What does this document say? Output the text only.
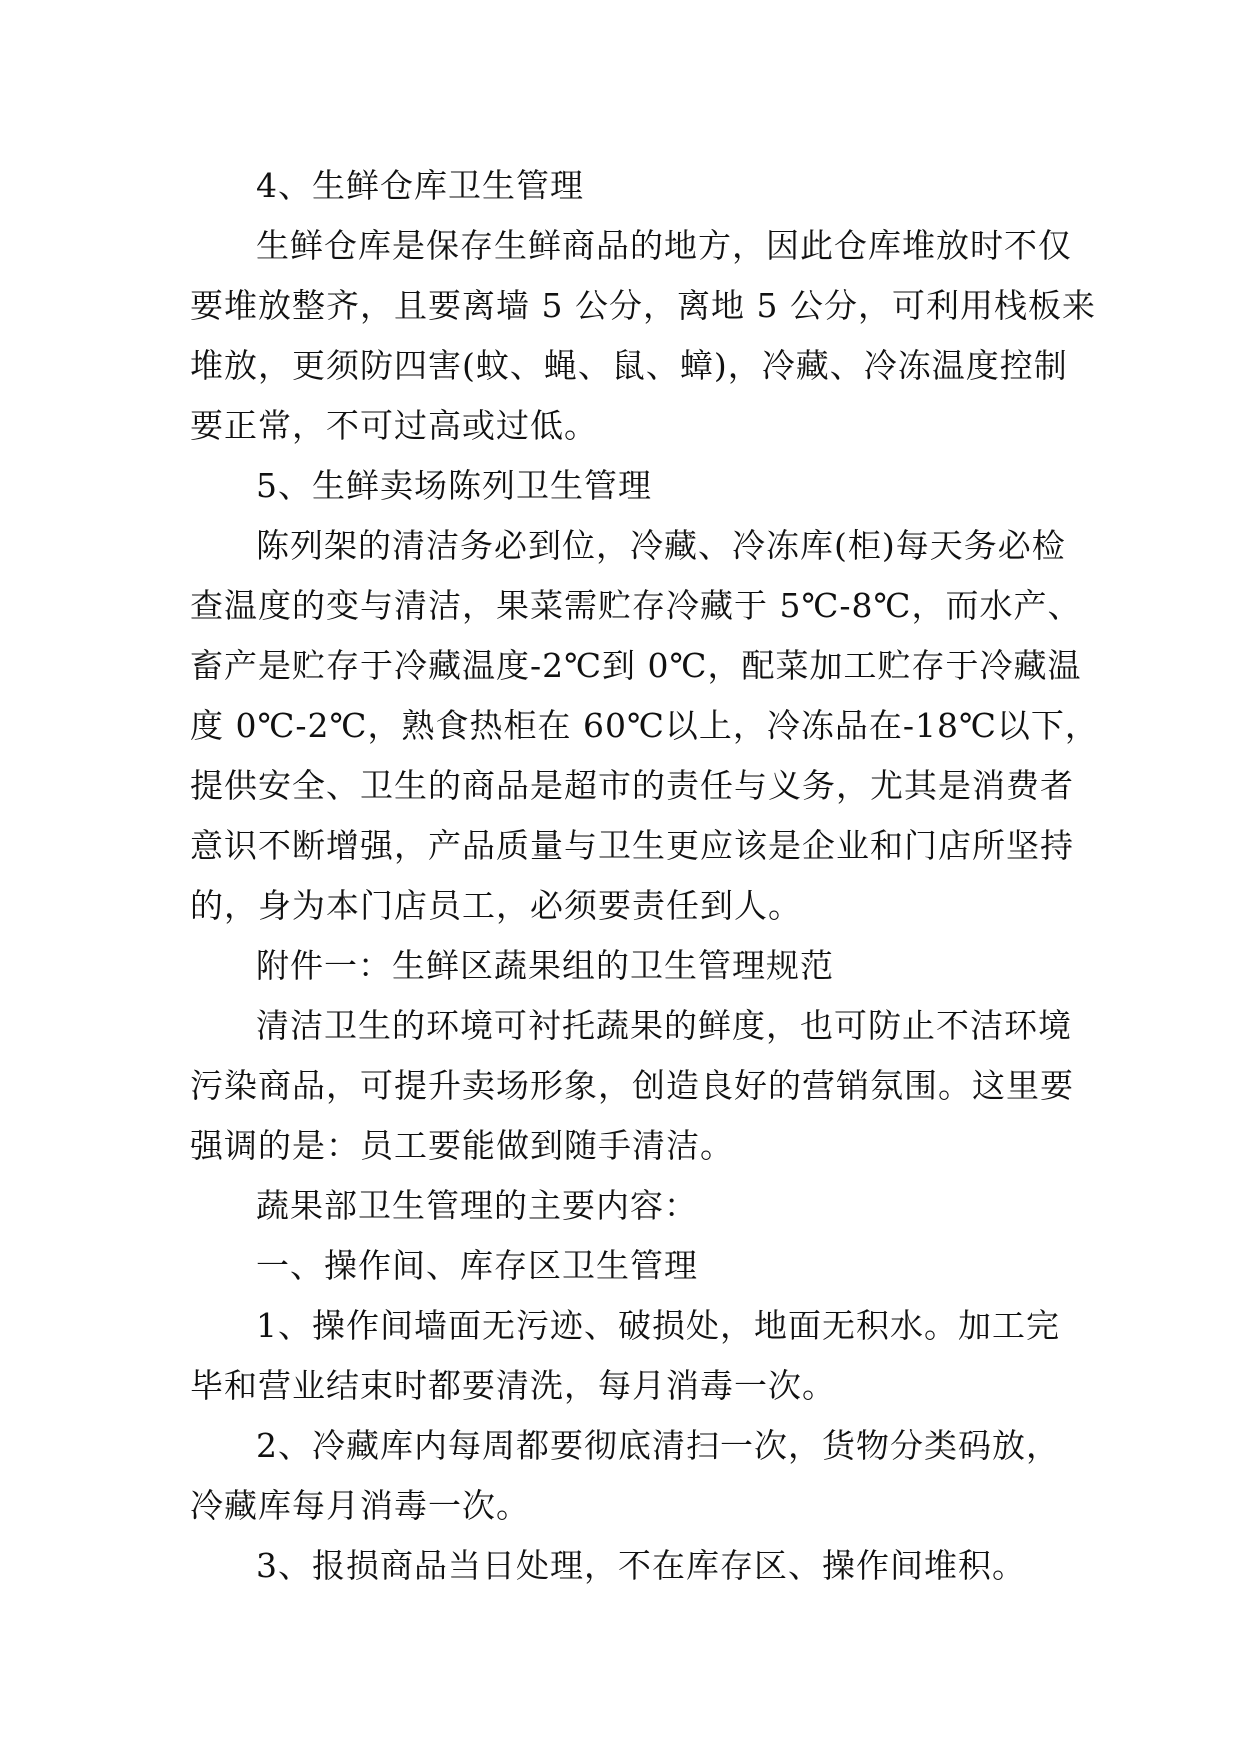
4、生鲜仓库卫生管理
生鲜仓库是保存生鲜商品的地方，因此仓库堆放时不仅
要堆放整齐，且要离墙 5 公分，离地 5 公分，可利用栈板来
堆放，更须防四害(蚊、蝇、鼠、蟑)，冷藏、冷冻温度控制
要正常，不可过高或过低。
5、生鲜卖场陈列卫生管理
陈列架的清洁务必到位，冷藏、冷冻库(柜)每天务必检
查温度的变与清洁，果菜需贮存冷藏于 5℃-8℃，而水产、
畜产是贮存于冷藏温度-2℃到 0℃，配菜加工贮存于冷藏温
度 0℃-2℃，熟食热柜在 60℃以上，冷冻品在-18℃以下，
提供安全、卫生的商品是超市的责任与义务，尤其是消费者
意识不断增强，产品质量与卫生更应该是企业和门店所坚持
的，身为本门店员工，必须要责任到人。
附件一：生鲜区蔬果组的卫生管理规范
清洁卫生的环境可衬托蔬果的鲜度，也可防止不洁环境
污染商品，可提升卖场形象，创造良好的营销氛围。这里要
强调的是：员工要能做到随手清洁。
蔬果部卫生管理的主要内容：
一、操作间、库存区卫生管理
1、操作间墙面无污迹、破损处，地面无积水。加工完
毕和营业结束时都要清洗，每月消毒一次。
2、冷藏库内每周都要彻底清扫一次，货物分类码放，
冷藏库每月消毒一次。
3、报损商品当日处理，不在库存区、操作间堆积。
